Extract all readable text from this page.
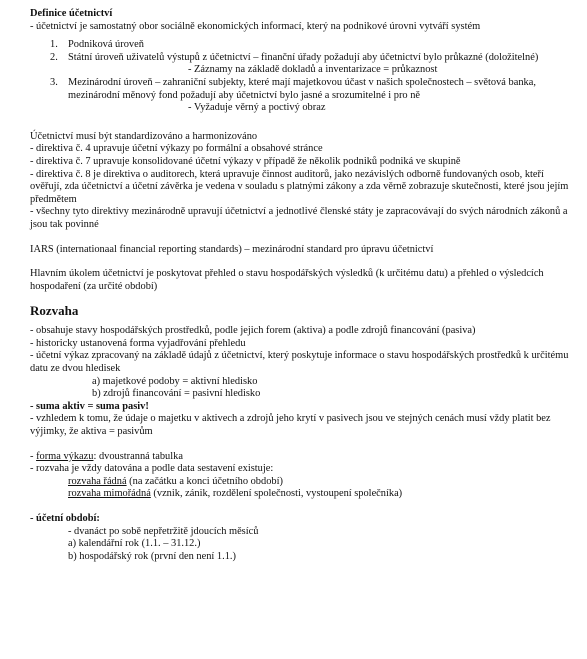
Definice účetnictví

- účetnictví je samostatný obor sociálně ekonomických informací, který na podnikové úrovni vytváří systém

1. Podniková úroveň
2. Státní úroveň uživatelů výstupů z účetnictví – finanční úřady požadují aby účetnictví bylo průkazné (doložitelné)
- Záznamy na základě dokladů a inventarizace = průkaznost
3. Mezinárodní úroveň – zahraniční subjekty, které mají majetkovou účast v našich společnostech – světová banka, mezinárodní měnový fond požadují aby účetnictví bylo jasné a srozumitelné i pro ně
- Vyžaduje věrný a poctivý obraz

Účetnictví musí být standardizováno a harmonizováno

- direktiva č. 4 upravuje účetní výkazy po formální a obsahové stránce

- direktiva č. 7 upravuje konsolidované účetní výkazy v případě že několik podniků podniká ve skupině

- direktiva č. 8 je direktiva o auditorech, která upravuje činnost auditorů, jako nezávislých odborně fundovaných osob, kteří ověřují, zda účetnictví a účetní závěrka je vedena v souladu s platnými zákony a zda věrně zobrazuje skutečnosti, které jsou jejím předmětem

- všechny tyto direktivy mezinárodně upravují účetnictví a jednotlivé členské státy je zapracovávají do svých národních zákonů a jsou tak povinné

IARS (internationaal financial reporting standards) – mezinárodní standard pro úpravu účetnictví

Hlavním úkolem účetnictví je poskytovat přehled o stavu hospodářských výsledků (k určitému datu) a přehled o výsledcích hospodaření (za určité období)

Rozvaha

- obsahuje stavy hospodářských prostředků, podle jejich forem (aktiva) a podle zdrojů financování (pasiva)

- historicky ustanovená forma vyjadřování přehledu

- účetní výkaz zpracovaný na základě údajů z účetnictví, který poskytuje informace o stavu hospodářských prostředků k určitému datu ze dvou hledisek

a) majetkové podoby = aktivní hledisko

b) zdrojů financování = pasivní hledisko

- suma aktiv = suma pasiv!

- vzhledem k tomu, že údaje o majetku v aktivech a zdrojů jeho krytí v pasivech jsou ve stejných cenách musí vždy platit bez výjimky, že aktiva = pasivům

- forma výkazu: dvoustranná tabulka

- rozvaha je vždy datována a podle data sestavení existuje:

rozvaha řádná (na začátku a konci účetního období)

rozvaha mimořádná (vznik, zánik, rozdělení společnosti, vystoupení společníka)

- účetní období:

- dvanáct po sobě nepřetržitě jdoucích měsíců

a) kalendářní rok (1.1. – 31.12.)

b) hospodářský rok (první den není 1.1.)
